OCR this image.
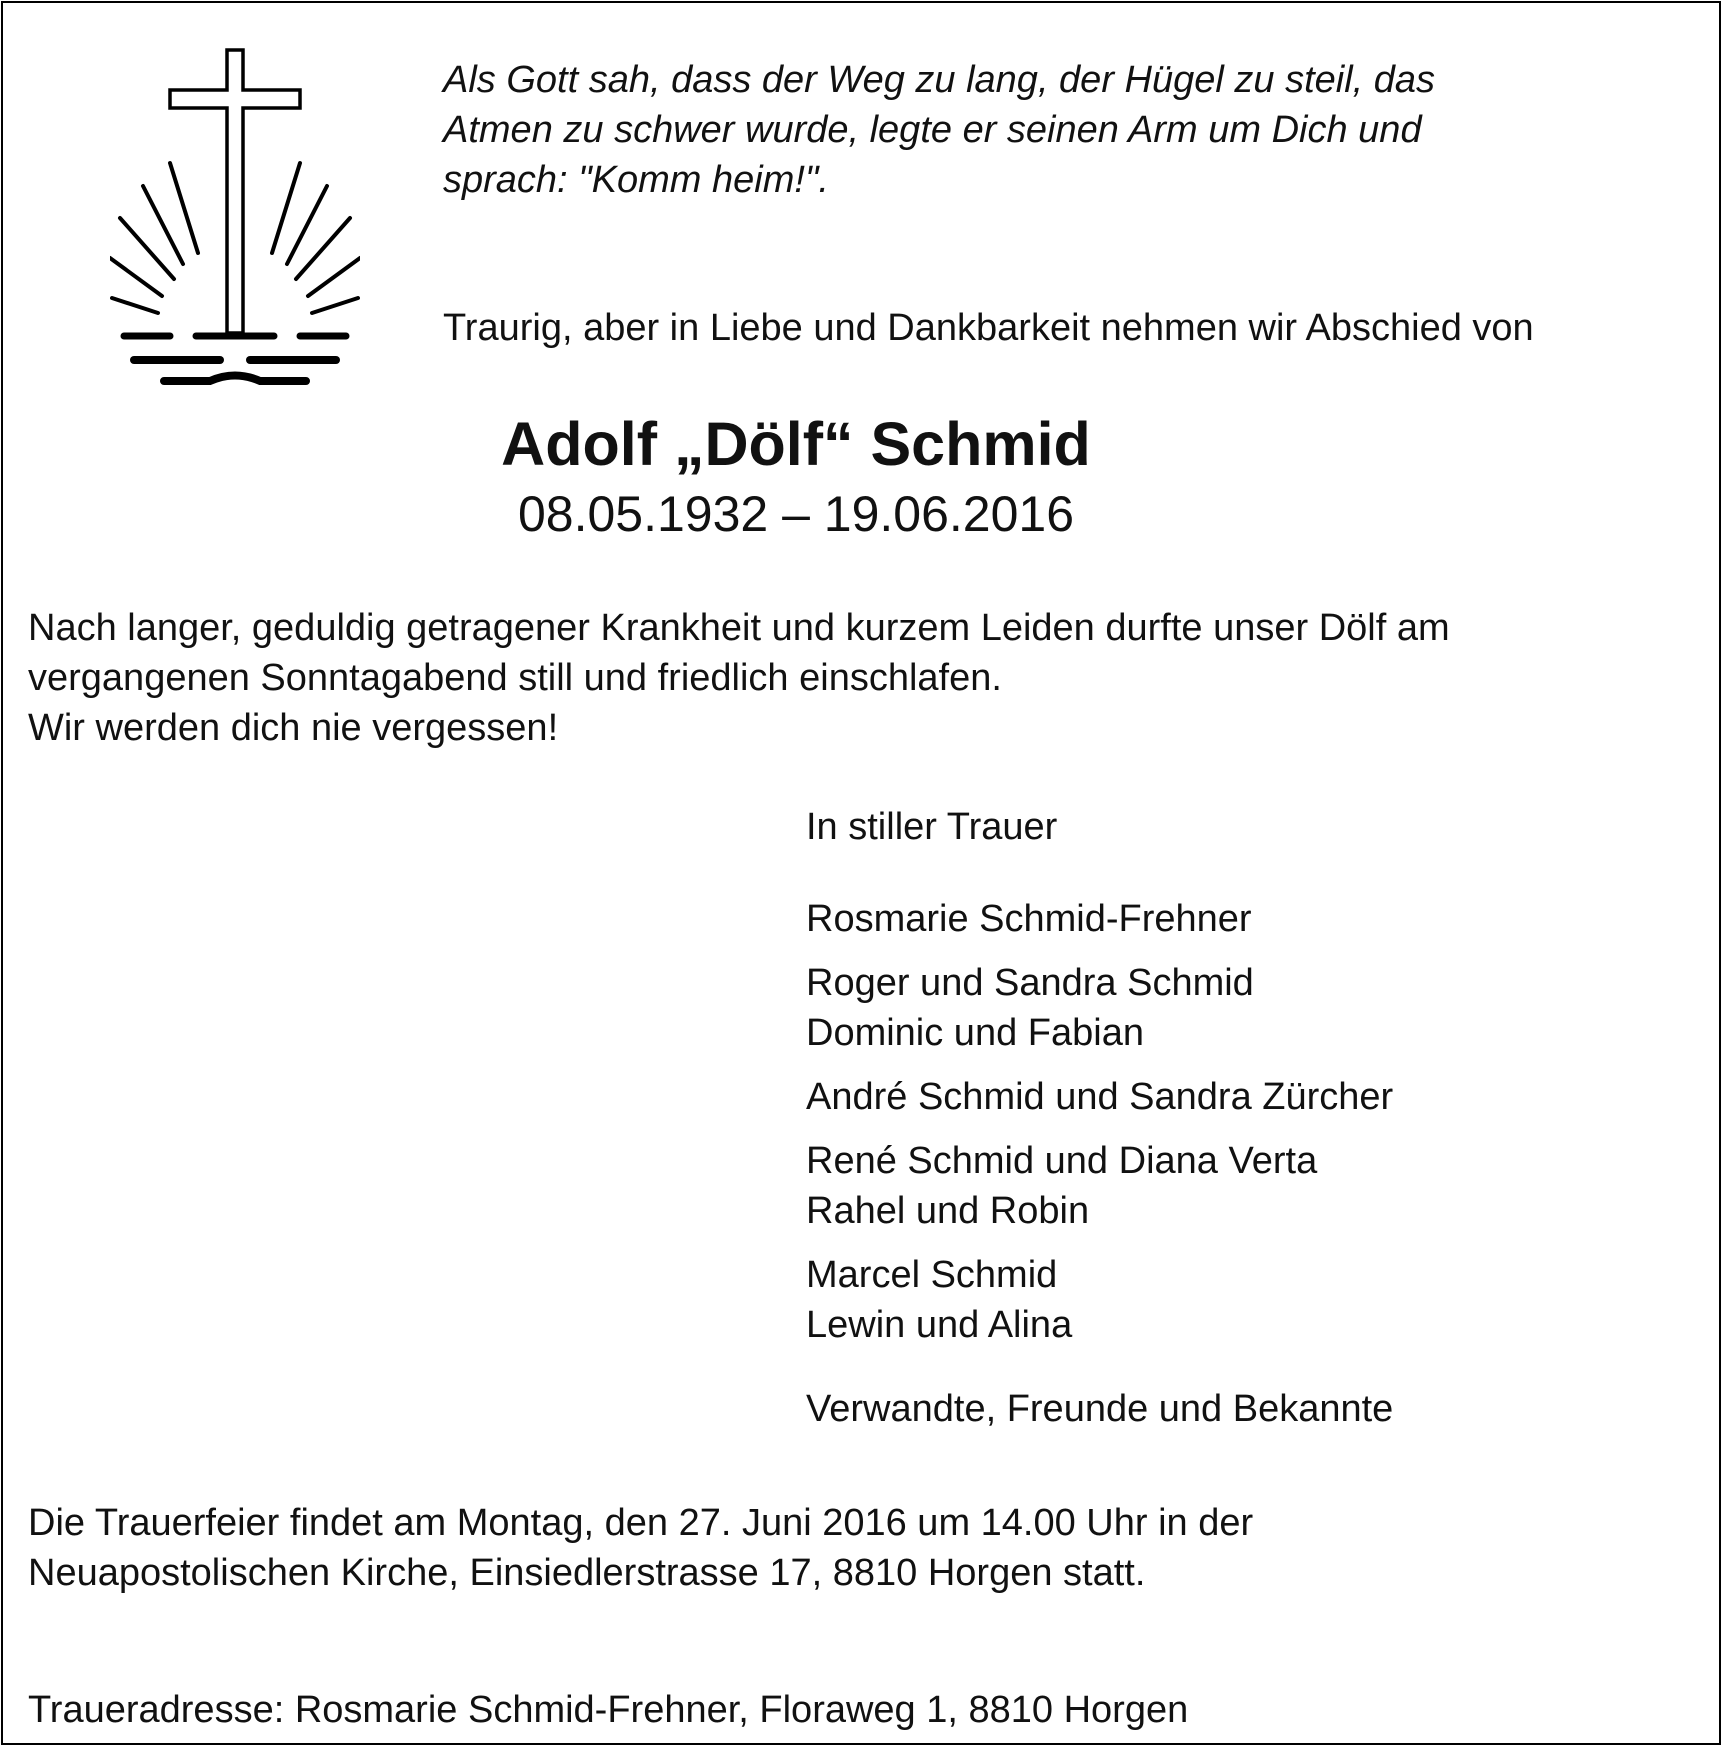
Als Gott sah, dass der Weg zu lang, der Hügel zu steil, das
Atmen zu schwer wurde, legte er seinen Arm um Dich und
sprach: "Komm heim!".
Traurig, aber in Liebe und Dankbarkeit nehmen wir Abschied von
Adolf „Dölf“ Schmid
08.05.1932 – 19.06.2016
Nach langer, geduldig getragener Krankheit und kurzem Leiden durfte unser Dölf am
vergangenen Sonntagabend still und friedlich einschlafen.
Wir werden dich nie vergessen!
In stiller Trauer
Rosmarie Schmid-Frehner
Roger und Sandra Schmid
Dominic und Fabian
André Schmid und Sandra Zürcher
René Schmid und Diana Verta
Rahel und Robin
Marcel Schmid
Lewin und Alina
Verwandte, Freunde und Bekannte
Die Trauerfeier findet am Montag, den 27. Juni 2016 um 14.00 Uhr in der
Neuapostolischen Kirche, Einsiedlerstrasse 17, 8810 Horgen statt.
Traueradresse: Rosmarie Schmid-Frehner, Floraweg 1, 8810 Horgen
